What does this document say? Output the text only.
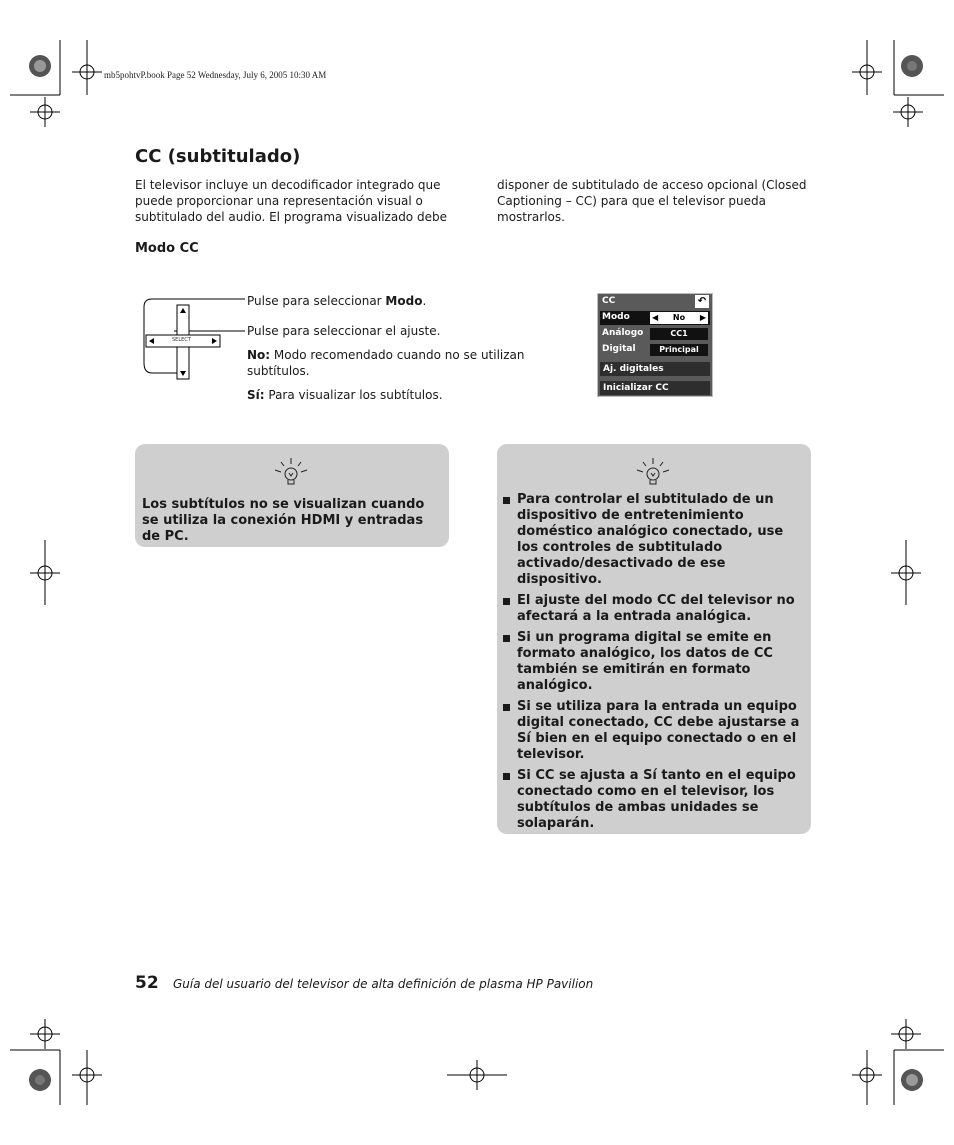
mb5pohtvP.book Page 52 Wednesday, July 6, 2005 10:30 AM
CC (subtitulado)
El televisor incluye un decodificador integrado que puede proporcionar una representación visual o subtitulado del audio. El programa visualizado debe
disponer de subtitulado de acceso opcional (Closed Captioning – CC) para que el televisor pueda mostrarlos.
Modo CC
SELECT
Pulse para seleccionar Modo.
Pulse para seleccionar el ajuste.
No: Modo recomendado cuando no se utilizan subtítulos.
Sí: Para visualizar los subtítulos.
CC	↶
Modo	◀ No ▶
Análogo	CC1
Digital	Principal
Aj. digitales
Inicializar CC
Los subtítulos no se visualizan cuando se utiliza la conexión HDMI y entradas de PC.
Para controlar el subtitulado de un dispositivo de entretenimiento doméstico analógico conectado, use los controles de subtitulado activado/desactivado de ese dispositivo.
El ajuste del modo CC del televisor no afectará a la entrada analógica.
Si un programa digital se emite en formato analógico, los datos de CC también se emitirán en formato analógico.
Si se utiliza para la entrada un equipo digital conectado, CC debe ajustarse a Sí bien en el equipo conectado o en el televisor.
Si CC se ajusta a Sí tanto en el equipo conectado como en el televisor, los subtítulos de ambas unidades se solaparán.
52 Guía del usuario del televisor de alta definición de plasma HP Pavilion
